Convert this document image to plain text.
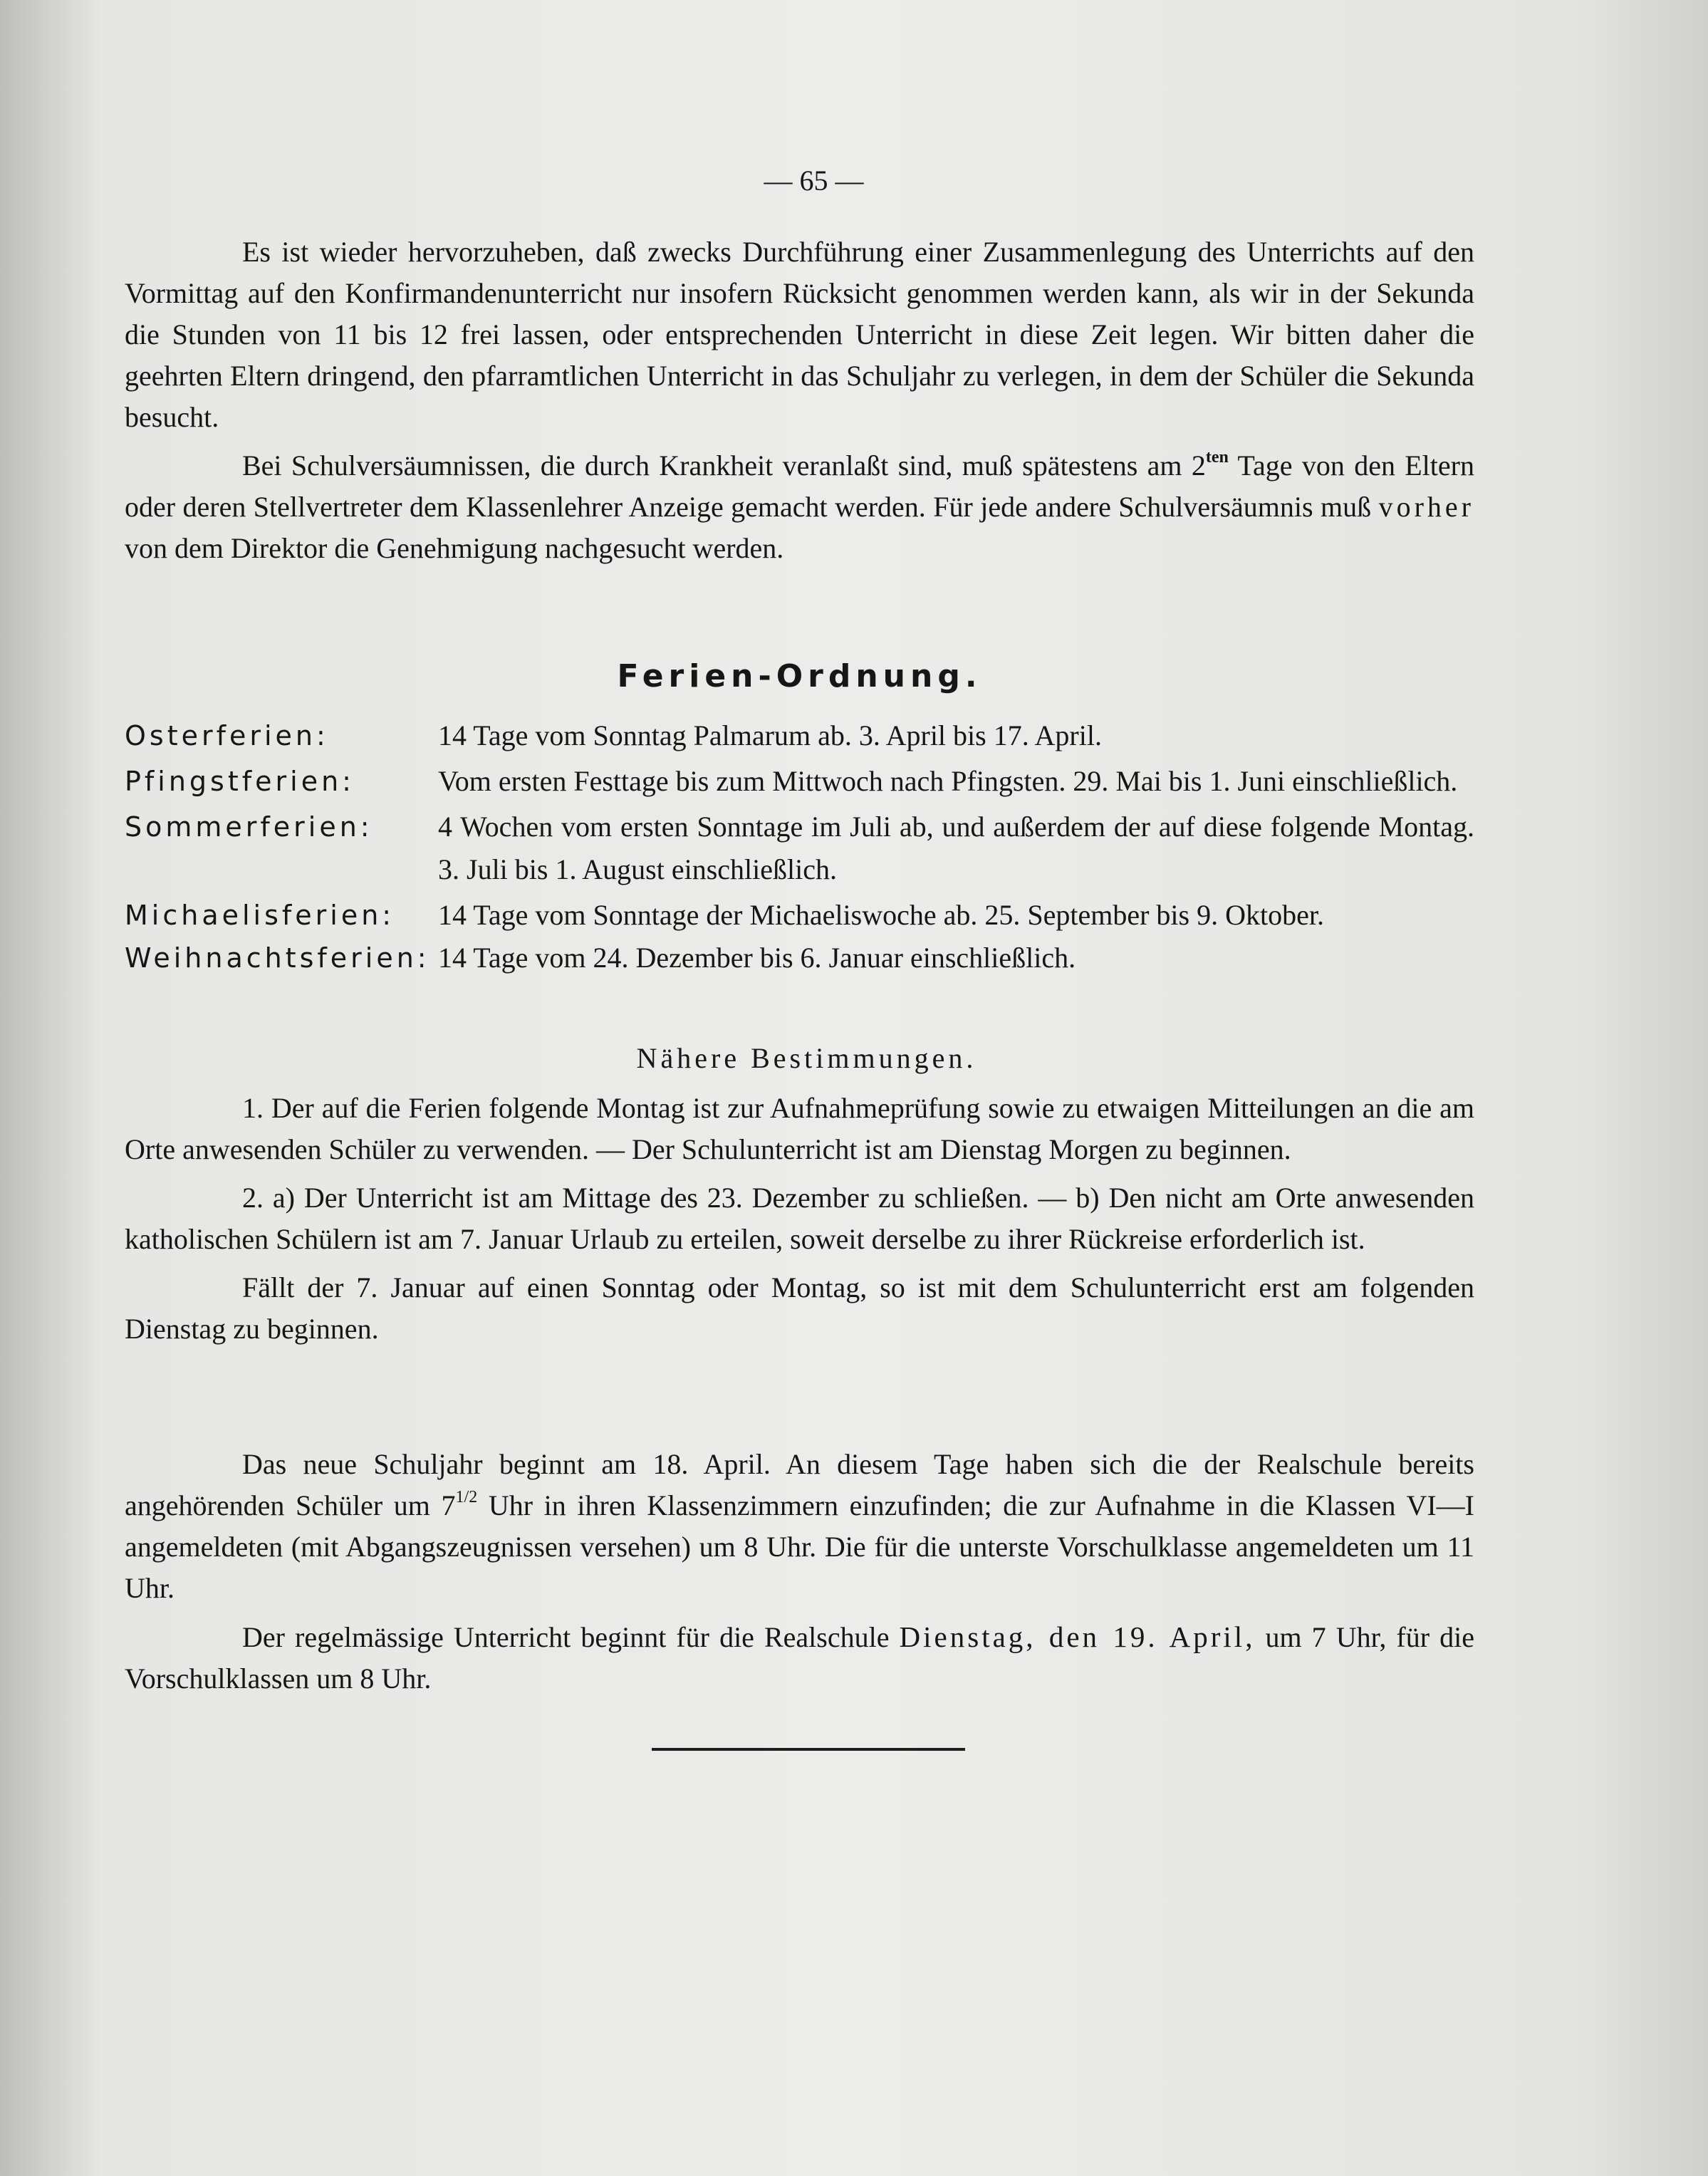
— 65 —

Es ist wieder hervorzuheben, daß zwecks Durchführung einer Zusammenlegung des Unterrichts auf den Vormittag auf den Konfirmandenunterricht nur insofern Rücksicht genommen werden kann, als wir in der Sekunda die Stunden von 11 bis 12 frei lassen, oder entsprechenden Unterricht in diese Zeit legen. Wir bitten daher die geehrten Eltern dringend, den pfarramtlichen Unterricht in das Schuljahr zu verlegen, in dem der Schüler die Sekunda besucht.

Bei Schulversäumnissen, die durch Krankheit veranlaßt sind, muß spätestens am $2^{ten}$ Tage von den Eltern oder deren Stellvertreter dem Klassenlehrer Anzeige gemacht werden. Für jede andere Schulversäumnis muß vorher von dem Direktor die Genehmigung nachgesucht werden.

Ferien-Ordnung.
Osterferien:	14 Tage vom Sonntag Palmarum ab. 3. April bis 17. April.
Pfingstferien:	Vom ersten Festtage bis zum Mittwoch nach Pfingsten. 29. Mai bis 1. Juni einschließlich.
Sommerferien:	4 Wochen vom ersten Sonntage im Juli ab, und außerdem der auf diese folgende Montag. 3. Juli bis 1. August einschließlich.
Michaelisferien:	14 Tage vom Sonntage der Michaeliswoche ab. 25. September bis 9. Oktober.
Weihnachtsferien:	14 Tage vom 24. Dezember bis 6. Januar einschließlich.
Nähere Bestimmungen.

1. Der auf die Ferien folgende Montag ist zur Aufnahmeprüfung sowie zu etwaigen Mitteilungen an die am Orte anwesenden Schüler zu verwenden. — Der Schulunterricht ist am Dienstag Morgen zu beginnen.

2. a) Der Unterricht ist am Mittage des 23. Dezember zu schließen. — b) Den nicht am Orte anwesenden katholischen Schülern ist am 7. Januar Urlaub zu erteilen, soweit derselbe zu ihrer Rückreise erforderlich ist.

Fällt der 7. Januar auf einen Sonntag oder Montag, so ist mit dem Schulunterricht erst am folgenden Dienstag zu beginnen.

Das neue Schuljahr beginnt am 18. April. An diesem Tage haben sich die der Realschule bereits angehörenden Schüler um $7^{1/2}$ Uhr in ihren Klassenzimmern einzufinden; die zur Aufnahme in die Klassen VI—I angemeldeten (mit Abgangszeugnissen versehen) um 8 Uhr. Die für die unterste Vorschulklasse angemeldeten um 11 Uhr.

Der regelmässige Unterricht beginnt für die Realschule Dienstag, den 19. April, um 7 Uhr, für die Vorschulklassen um 8 Uhr.
